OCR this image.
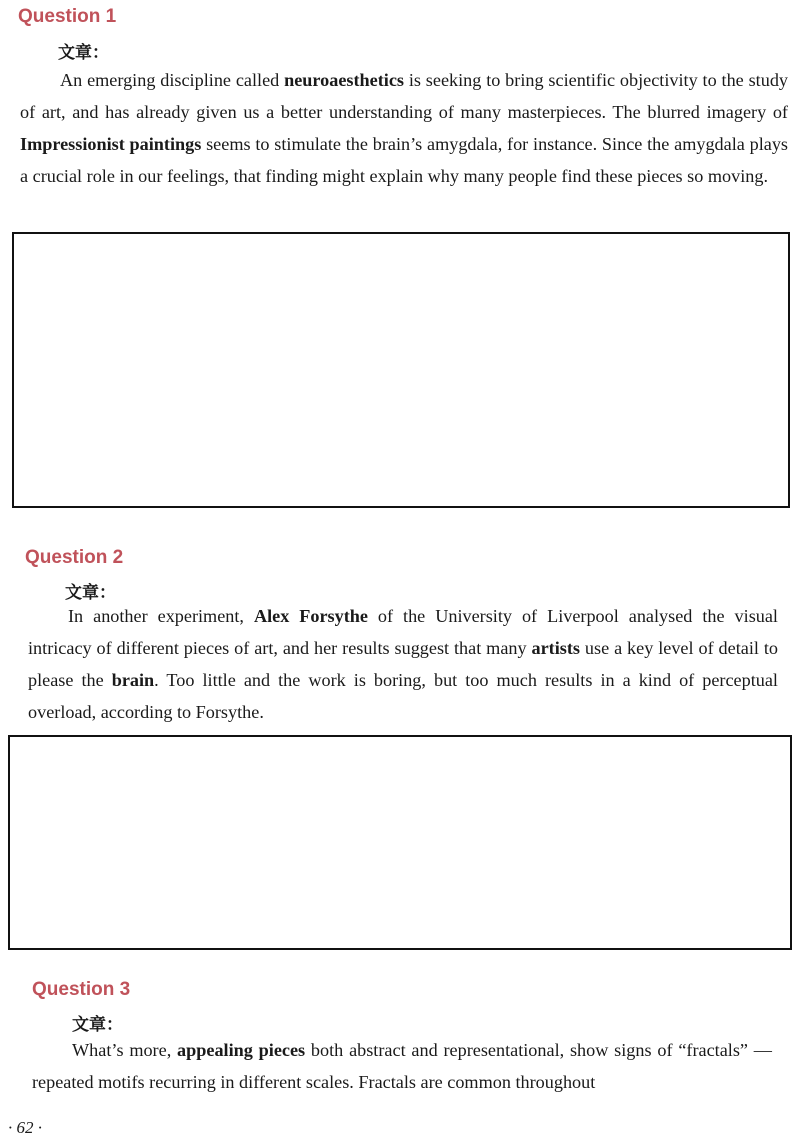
Question 1
文章：

An emerging discipline called neuroaesthetics is seeking to bring scientific objectivity to the study of art, and has already given us a better understanding of many masterpieces. The blurred imagery of Impressionist paintings seems to stimulate the brain’s amygdala, for instance. Since the amygdala plays a crucial role in our feelings, that finding might explain why many people find these pieces so moving.

Question 2
文章：

In another experiment, Alex Forsythe of the University of Liverpool analysed the visual intricacy of different pieces of art, and her results suggest that many artists use a key level of detail to please the brain. Too little and the work is boring, but too much results in a kind of perceptual overload, according to Forsythe.

Question 3
文章：

What’s more, appealing pieces both abstract and representational, show signs of “fractals” — repeated motifs recurring in different scales. Fractals are common throughout

· 62 ·
